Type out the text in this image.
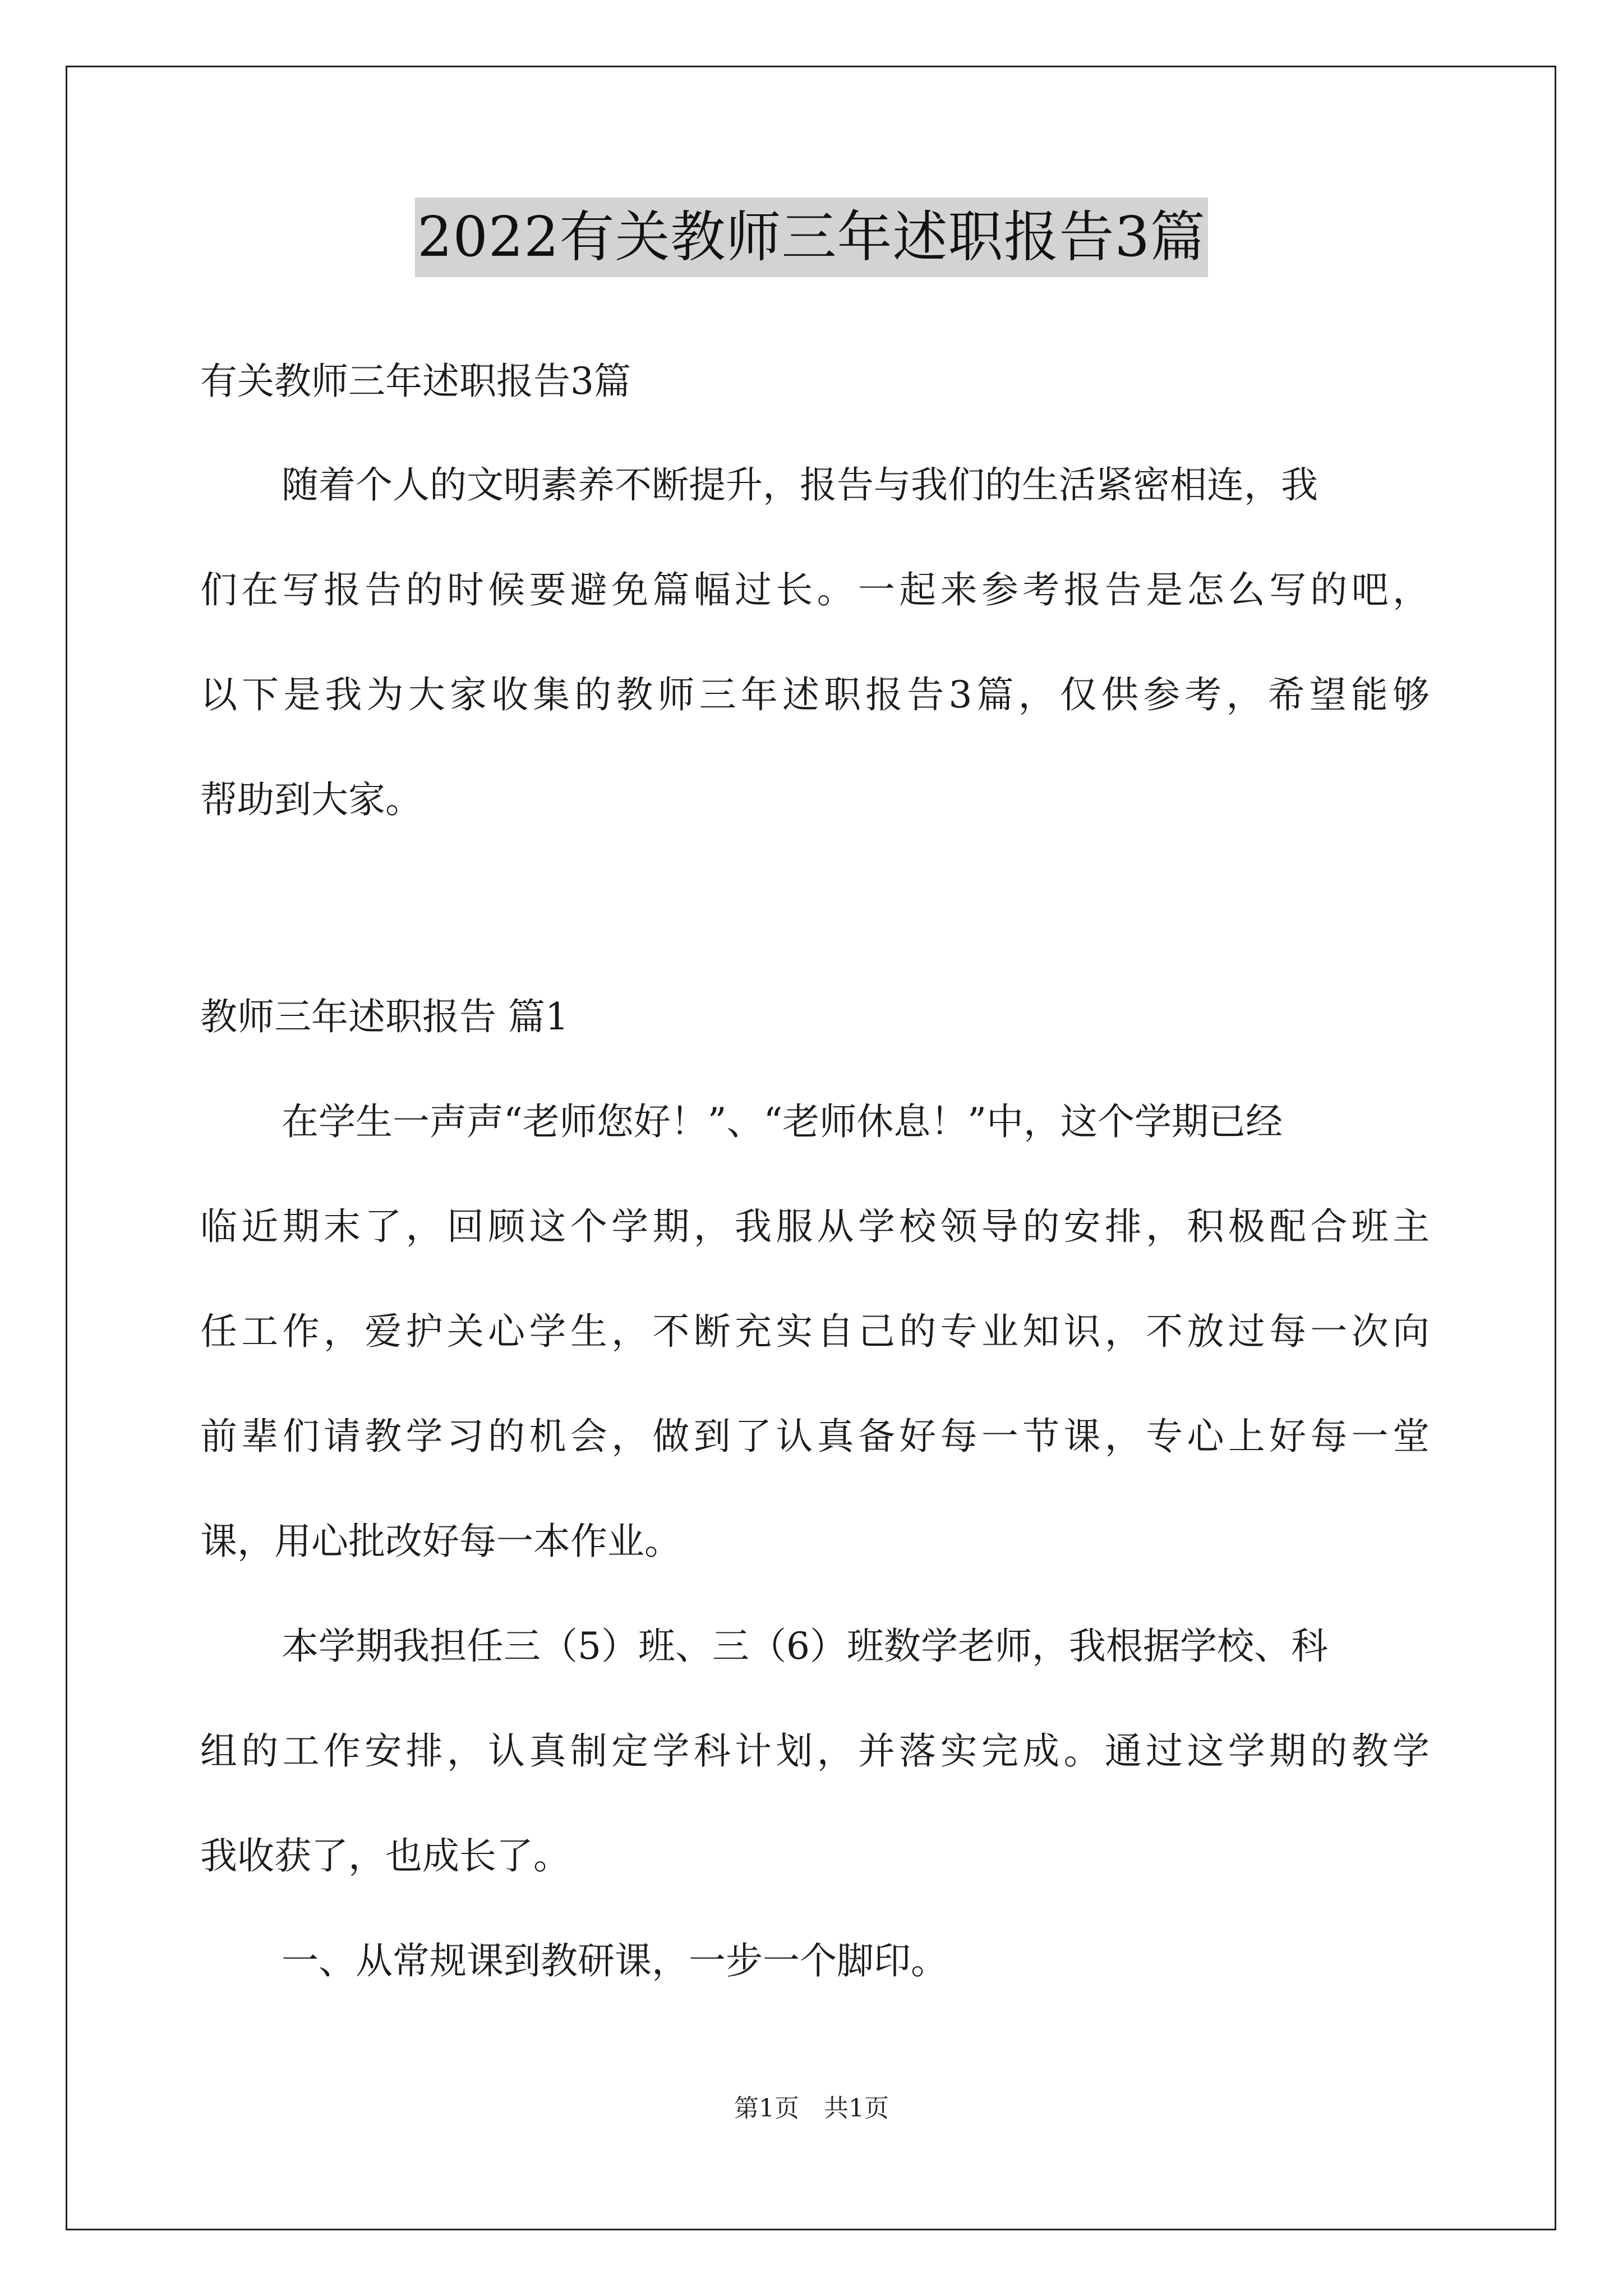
2022有关教师三年述职报告3篇
有关教师三年述职报告3篇
随着个人的文明素养不断提升，报告与我们的生活紧密相连，我
们在写报告的时候要避免篇幅过长。一起来参考报告是怎么写的吧，
以下是我为大家收集的教师三年述职报告3篇，仅供参考，希望能够
帮助到大家。
教师三年述职报告 篇1
在学生一声声“老师您好！”、“老师休息！”中，这个学期已经
临近期末了，回顾这个学期，我服从学校领导的安排，积极配合班主
任工作，爱护关心学生，不断充实自己的专业知识，不放过每一次向
前辈们请教学习的机会，做到了认真备好每一节课，专心上好每一堂
课，用心批改好每一本作业。
本学期我担任三（5）班、三（6）班数学老师，我根据学校、科
组的工作安排，认真制定学科计划，并落实完成。通过这学期的教学
我收获了，也成长了。
一、从常规课到教研课，一步一个脚印。
第1页　共1页
